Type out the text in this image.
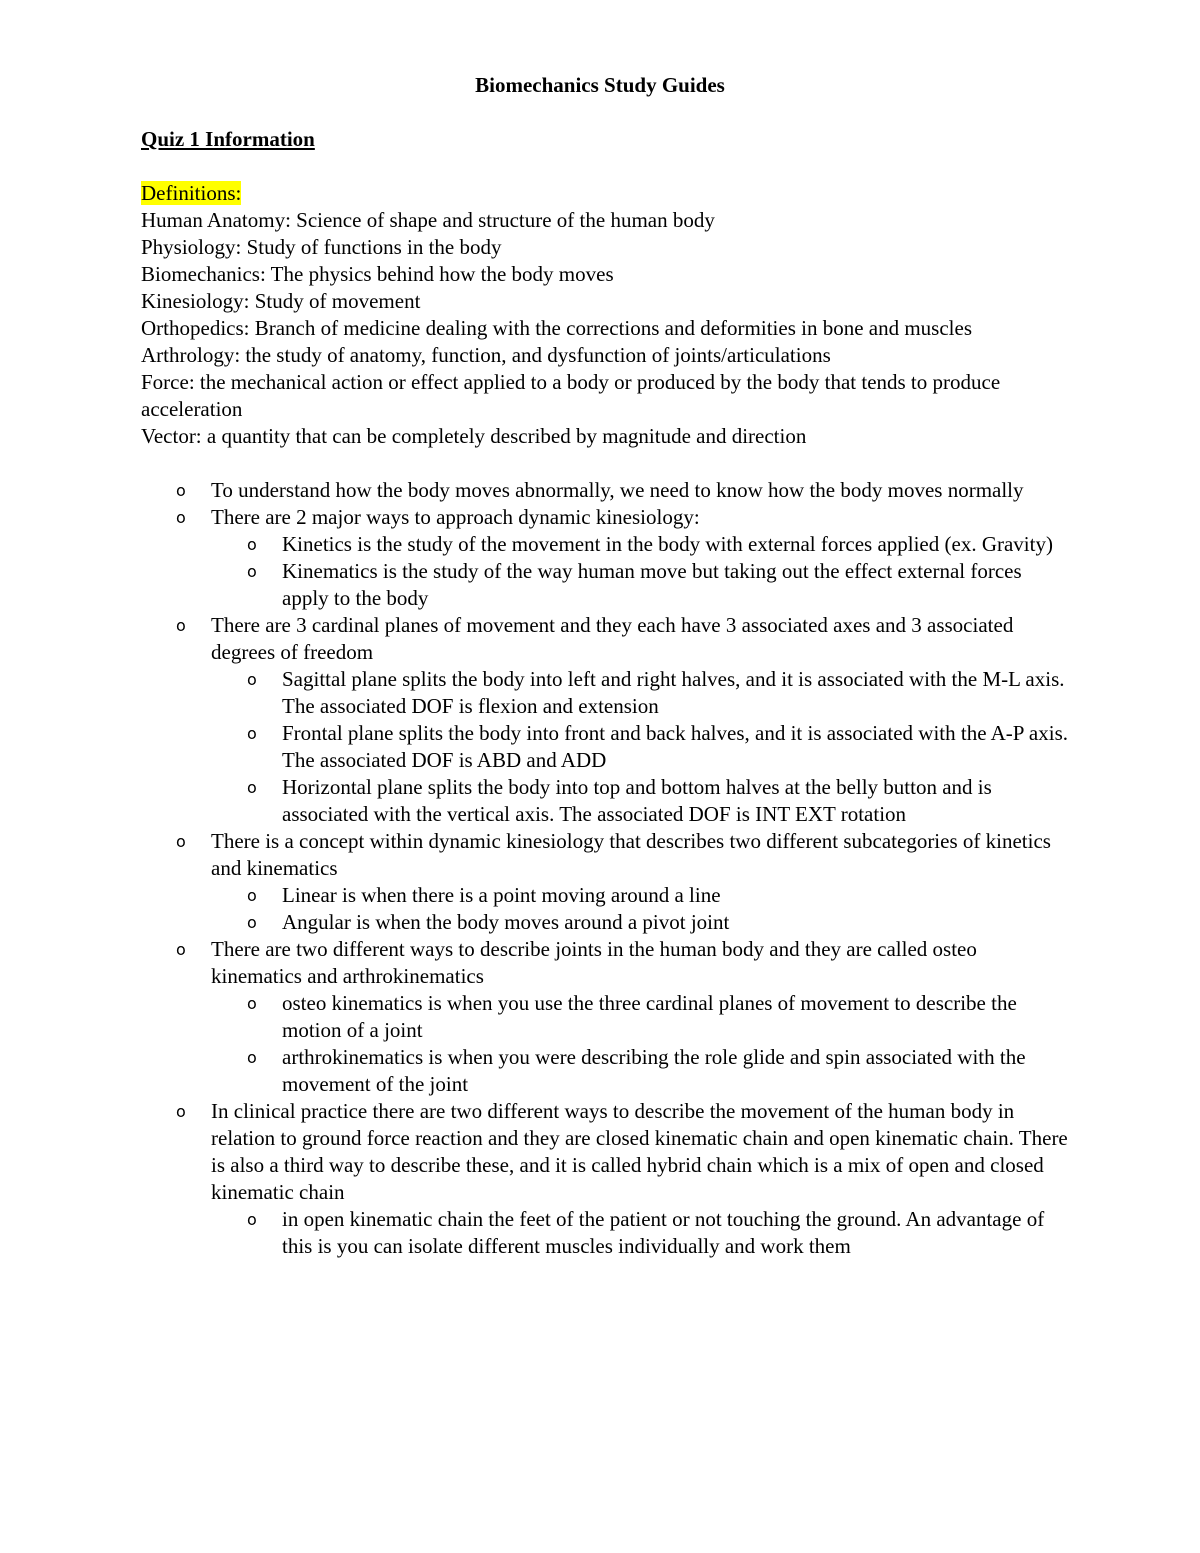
Biomechanics Study Guides

Quiz 1 Information

Definitions:

Human Anatomy: Science of shape and structure of the human body

Physiology: Study of functions in the body

Biomechanics: The physics behind how the body moves

Kinesiology: Study of movement

Orthopedics: Branch of medicine dealing with the corrections and deformities in bone and muscles

Arthrology: the study of anatomy, function, and dysfunction of joints/articulations

Force: the mechanical action or effect applied to a body or produced by the body that tends to produce acceleration

Vector: a quantity that can be completely described by magnitude and direction

o To understand how the body moves abnormally, we need to know how the body moves normally
o There are 2 major ways to approach dynamic kinesiology:
o Kinetics is the study of the movement in the body with external forces applied (ex. Gravity)
o Kinematics is the study of the way human move but taking out the effect external forces apply to the body
o There are 3 cardinal planes of movement and they each have 3 associated axes and 3 associated degrees of freedom
o Sagittal plane splits the body into left and right halves, and it is associated with the M-L axis. The associated DOF is flexion and extension
o Frontal plane splits the body into front and back halves, and it is associated with the A-P axis. The associated DOF is ABD and ADD
o Horizontal plane splits the body into top and bottom halves at the belly button and is associated with the vertical axis. The associated DOF is INT EXT rotation
o There is a concept within dynamic kinesiology that describes two different subcategories of kinetics and kinematics
o Linear is when there is a point moving around a line
o Angular is when the body moves around a pivot joint
o There are two different ways to describe joints in the human body and they are called osteo kinematics and arthrokinematics
o osteo kinematics is when you use the three cardinal planes of movement to describe the motion of a joint
o arthrokinematics is when you were describing the role glide and spin associated with the movement of the joint
o In clinical practice there are two different ways to describe the movement of the human body in relation to ground force reaction and they are closed kinematic chain and open kinematic chain. There is also a third way to describe these, and it is called hybrid chain which is a mix of open and closed kinematic chain
o in open kinematic chain the feet of the patient or not touching the ground. An advantage of this is you can isolate different muscles individually and work them
